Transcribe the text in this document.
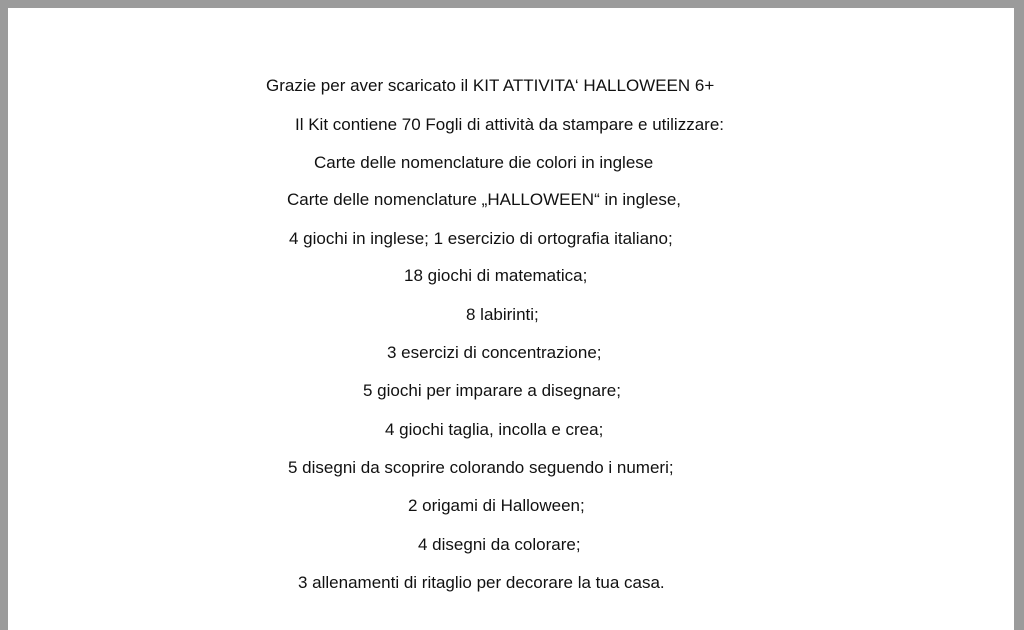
Grazie per aver scaricato il KIT ATTIVITA‘ HALLOWEEN 6+
Il Kit contiene 70 Fogli di attività da stampare e utilizzare:
Carte delle nomenclature die colori in inglese
Carte delle nomenclature „HALLOWEEN“ in inglese,
4 giochi in inglese; 1 esercizio di ortografia italiano;
18 giochi di matematica;
8 labirinti;
3 esercizi di concentrazione;
5 giochi per imparare a disegnare;
4 giochi taglia, incolla e crea;
5 disegni da scoprire colorando seguendo i numeri;
2 origami di Halloween;
4 disegni da colorare;
3 allenamenti di ritaglio per decorare la tua casa.
